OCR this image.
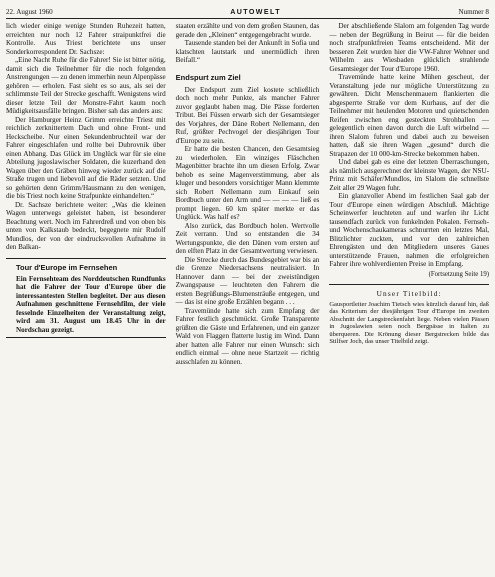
22. August 1960	AUTOWELT	Nummer 8

lich wieder einige wenige Stunden Ruhezeit hatten, erreichten nur noch 12 Fahrer straipunktfrei die Kontrolle. Aus Triest berichtete uns unser Sonderkorrespondent Dr. Sachsze:

„Eine Nacht Ruhe für die Fahrer! Sie ist bitter nötig, damit sich die Teilnehmer für die noch folgenden Anstrengungen — zu denen immerhin neun Alpenpässe gehören — erholen. Fast sieht es so aus, als sei der schlimmste Teil der Strecke geschafft. Wenigstens wird dieser letzte Teil der Monstre-Fahrt kaum noch Müdigkeitsausfälle bringen. Bisher sah das anders aus:

Der Hamburger Heinz Grimm erreichte Triest mit reichlich zerknittertem Dach und ohne Front- und Heckscheibe. Nur einen Sekundenbruchteil war der Fahrer eingeschlafen und rollte bei Dubrovnik über einen Abhang. Das Glück im Unglück war für sie eine Abteilung jugoslawischer Soldaten, die kuzerhand den Wagen über den Gräben hinweg wieder zurück auf die Straße trugen und liebevoll auf die Räder setzten. Und so gehörten denn Grimm/Hausmann zu den wenigen, die bis Triest noch keine Strafpunkte einhandelten.“

Dr. Sachsze berichtete weiter: „Was die kleinen Wagen unterwegs geleistet haben, ist besonderer Beachtung wert. Noch im Fahrerdreß und von oben bis unten von Kalkstaub bedeckt, begegnete mir Rudolf Mundlos, der von der eindrucksvollen Aufnahme in den Balkan-

Tour d'Europe im Fernsehen
Ein Fernsehteam des Norddeutschen Rundfunks hat die Fahrer der Tour d'Europe über die interessantesten Stellen begleitet. Der aus diesen Aufnahmen geschnittene Fernsehfilm, der viele fesselnde Einzelheiten der Veranstaltung zeigt, wird am 31. August um 18.45 Uhr in der Nordschau gezeigt.

staaten erzählte und von dem großen Staunen, das gerade den „Kleinen“ entgegengebracht wurde.

Tausende standen bei der Ankunft in Sofia und klatschten lautstark und unermüdlich ihren Beifall.“

Endspurt zum Ziel

Der Endspurt zum Ziel kostete schließlich doch noch mehr Punkte, als mancher Fahrer zuvor geglaubt haben mag. Die Pässe forderten Tribut. Bei Füssen erwarb sich der Gesamtsieger des Vorjahres, der Däne Robert Nellemann, den Ruf, größter Pechvogel der diesjährigen Tour d'Europe zu sein.

Er hatte die besten Chancen, den Gesamtsieg zu wiederholen. Ein winziges Fläschchen Magenbitter brachte ihn um diesen Erfolg. Zwar behob es seine Magenverstimmung, aber als kluger und besonders vorsichtiger Mann klemmte sich Robert Nellemann zum Einkauf sein Bordbuch unter den Arm und — — — — ließ es prompt liegen. 60 km später merkte er das Unglück. Was half es?

Also zurück, das Bordbuch holen. Wertvolle Zeit verrann. Und so entstanden die 34 Wertungspunkte, die den Dänen vom ersten auf den elften Platz in der Gesamtwertung verwiesen.

Die Strecke durch das Bundesgebiet war bis an die Grenze Niedersachsens neutralisiert. In Hannover dann — bei der zweistündigen Zwangspause — leuchteten den Fahrern die ersten Begrüßungs-Blumensträuße entgegen, und — das ist eine große Erzählen begann . . .

Travemünde hatte sich zum Empfang der Fahrer festlich geschmückt. Große Transparente grüßten die Gäste und Erfahrenen, und ein ganzer Wald von Flaggen flatterte lustig im Wind. Dann aber hatten alle Fahrer nur einen Wunsch: sich endlich einmal — ohne neue Startzeit — richtig ausschlafen zu können.

Der abschließende Slalom am folgenden Tag wurde — neben der Begrüßung in Beirut — für die beiden noch strafpunktfreien Teams entscheidend. Mit der besseren Zeit wurden hier die VW-Fahrer Wehner und Wilhelm aus Wiesbaden glücklich strahlende Gesamtsieger der Tour d'Europe 1960.

Travemünde hatte keine Mühen gescheut, der Veranstaltung jede nur mögliche Unterstützung zu gewähren. Dicht Menschenmauern flankierten die abgesperrte Straße vor dem Kurhaus, auf der die Teilnehmer mit heulenden Motoren und quietschenden Reifen zwischen eng gesteckten Strohballen — gelegentlich einen davon durch die Luft wirbelnd — ihren Slalom fuhren und dabei auch zu beweisen hatten, daß sie ihren Wagen „gesund“ durch die Strapazen der 10 000-km-Strecke bekommen haben.

Und dabei gab es eine der letzten Überraschungen, als nämlich ausgerechnet der kleinste Wagen, der NSU-Prinz mit Schäfer/Mundlos, im Slalom die schnellste Zeit aller 29 Wagen fuhr.

Ein glanzvoller Abend im festlichen Saal gab der Tour d'Europe einen würdigen Abschluß. Mächtige Scheinwerfer leuchteten auf und warfen ihr Licht tausendfach zurück von funkelnden Pokalen. Fernseh- und Wochenschaukameras schnurrten ein letztes Mal, Blitzlichter zuckten, und vor den zahlreichen Ehrengästen und den Mitgliedern unseres Gaues unterstützende Frauen, nahmen die erfolgreichen Fahrer ihre wohlverdienten Preise in Empfang.

(Fortsetzung Seite 19)
Unser Titelbild:
Gausportleiter Joachim Tietsch wies kürzlich darauf hin, daß das Kriterium der diesjährigen Tour d'Europe im zweiten Abschnitt der Langstreckenfahrt liege. Neben vielen Pässen in Jugoslawien seien noch Bergpässe in Italien zu überqueren. Die Krönung dieser Bergstrecken bilde das Stilfser Joch, das unser Titelbild zeigt.
